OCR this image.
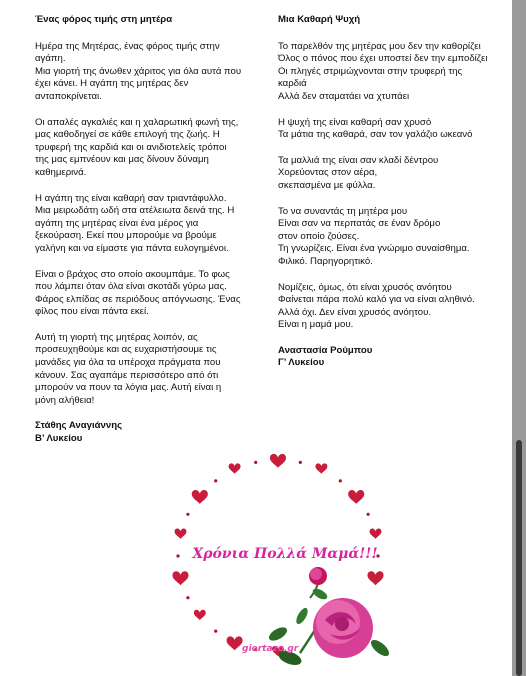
Ένας φόρος τιμής στη μητέρα
Ημέρα της Μητέρας, ένας φόρος τιμής στην
αγάπη.
Μια γιορτή της άνωθεν χάριτος για όλα αυτά που
έχει κάνει. Η αγάπη της μητέρας δεν
ανταποκρίνεται.
Οι απαλές αγκαλιές και η χαλαρωτική φωνή της,
μας καθοδηγεί σε κάθε επιλογή της ζωής. Η
τρυφερή της καρδιά και οι ανιδιοτελείς τρόποι
της μας εμπνέουν και μας δίνουν δύναμη
καθημερινά.
Η αγάπη της είναι καθαρή σαν τριαντάφυλλο.
Μια μειρωδάτη ωδή στα ατέλειωτα δεινά της. Η
αγάπη της μητέρας είναι ένα μέρος για
ξεκούραση. Εκεί που μπορούμε να βρούμε
γαλήνη και να είμαστε για πάντα ευλογημένοι.
Είναι ο βράχος στο οποίο ακουμπάμε. Το φως
που λάμπει όταν όλα είναι σκοτάδι γύρω μας.
Φάρος ελπίδας σε περιόδους απόγνωσης. Ένας
φίλος που είναι πάντα εκεί.
Αυτή τη γιορτή της μητέρας λοιπόν, ας
προσευχηθούμε και ας ευχαριστήσουμε τις
μανάδες για όλα τα υπέροχα πράγματα που
κάνουν. Σας αγαπάμε περισσότερο από ότι
μπορούν να πουν τα λόγια μας. Αυτή είναι η
μόνη αλήθεια!
Στάθης Αναγιάννης
Β’ Λυκείου
Μια Καθαρή Ψυχή
Το παρελθόν της μητέρας μου δεν την καθορίζει
Όλος ο πόνος που έχει υποστεί δεν την εμποδίζει
Οι πληγές στριμώχνονται στην τρυφερή της
καρδιά
Αλλά δεν σταματάει να χτυπάει
Η ψυχή της είναι καθαρή σαν χρυσό
Τα μάτια της καθαρά, σαν τον γαλάζιο ωκεανό
Τα μαλλιά της είναι σαν κλαδί δέντρου
Χορεύοντας στον αέρα,
σκεπασμένα με φύλλα.
Το να συναντάς τη μητέρα μου
Είναι σαν να περπατάς σε έναν δρόμο
στον οποίο ζούσες.
Τη γνωρίζεις. Είναι ένα γνώριμο συναίσθημα.
Φιλικό. Παρηγορητικό.
Νομίζεις, όμως, ότι είναι χρυσός ανόητου
Φαίνεται πάρα πολύ καλό για να είναι αληθινό.
Αλλά όχι. Δεν είναι χρυσός ανόητου.
Είναι η μαμά μου.
Αναστασία Ρούμπου
Γ’ Λυκείου
Χρόνια Πολλά Μαμά!!!
giortazo.gr
